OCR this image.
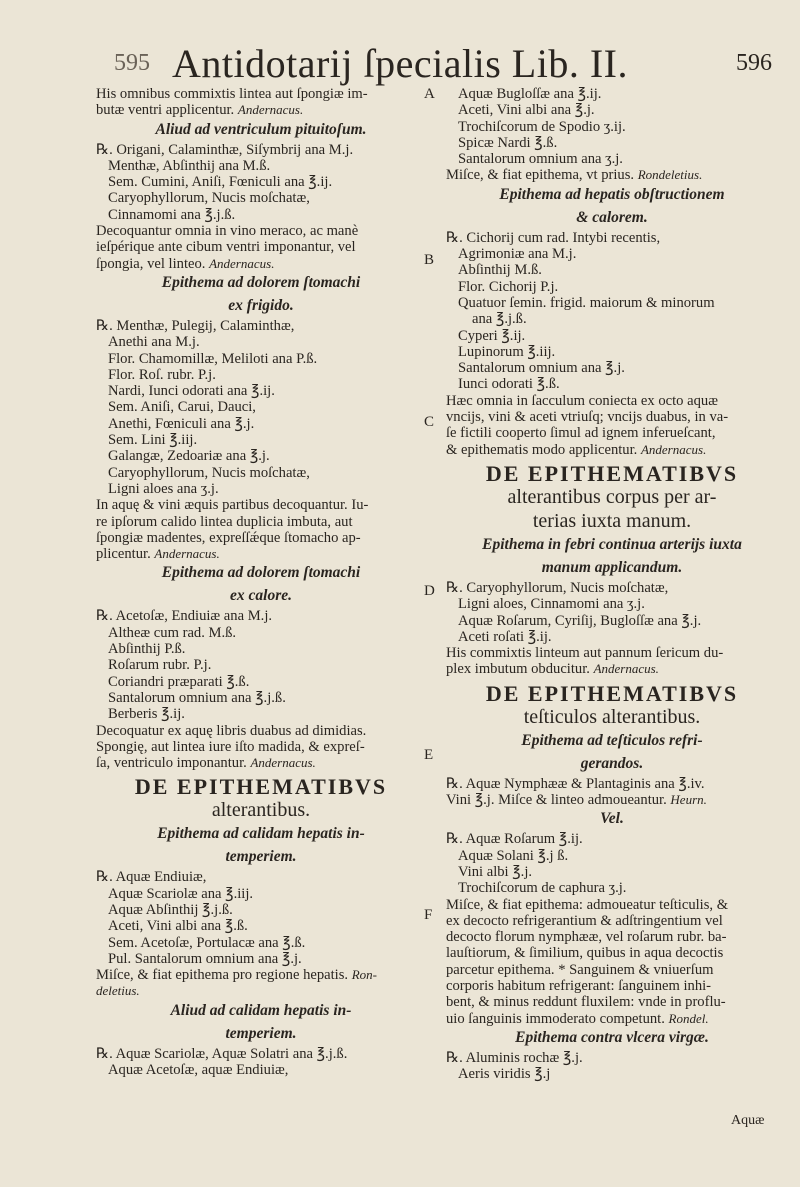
595 Antidotarij ſpecialis Lib. II.	596
His omnibus commixtis lintea aut ſpongiæ im-
butæ ventri applicentur. Andernacus.
Aliud ad ventriculum pituitoſum.
℞. Origani, Calaminthæ, Siſymbrij ana M.j.
Menthæ, Abſinthij ana M.ß.
Sem. Cumini, Aniſi, Fœniculi ana ℥.ij.
Caryophyllorum, Nucis moſchatæ,
Cinnamomi ana ℥.j.ß.
Decoquantur omnia in vino meraco, ac manè
ieſpérique ante cibum ventri imponantur, vel
ſpongia, vel linteo. Andernacus.
Epithema ad dolorem ſtomachi
ex frigido.
℞. Menthæ, Pulegij, Calaminthæ,
Anethi ana M.j.
Flor. Chamomillæ, Meliloti ana P.ß.
Flor. Roſ. rubr. P.j.
Nardi, Iunci odorati ana ℥.ij.
Sem. Aniſi, Carui, Dauci,
Anethi, Fœniculi ana ℥.j.
Sem. Lini ℥.iij.
Galangæ, Zedoariæ ana ℥.j.
Caryophyllorum, Nucis moſchatæ,
Ligni aloes ana ʒ.j.
In aquę & vini æquis partibus decoquantur. Iu-
re ipſorum calido lintea duplicia imbuta, aut
ſpongiæ madentes, expreſſǽque ſtomacho ap-
plicentur. Andernacus.
Epithema ad dolorem ſtomachi
ex calore.
℞. Acetoſæ, Endiuiæ ana M.j.
Altheæ cum rad. M.ß.
Abſinthij P.ß.
Roſarum rubr. P.j.
Coriandri præparati ℥.ß.
Santalorum omnium ana ℥.j.ß.
Berberis ℥.ij.
Decoquatur ex aquę libris duabus ad dimidias.
Spongię, aut lintea iure iſto madida, & expreſ-
ſa, ventriculo imponantur. Andernacus.
DE EPITHEMATIBVS
alterantibus.
Epithema ad calidam hepatis in-
temperiem.
℞. Aquæ Endiuiæ,
Aquæ Scariolæ ana ℥.iij.
Aquæ Abſinthij ℥.j.ß.
Aceti, Vini albi ana ℥.ß.
Sem. Acetoſæ, Portulacæ ana ℥.ß.
Pul. Santalorum omnium ana ℥.j.
Miſce, & fiat epithema pro regione hepatis. Ron-
deletius.
Aliud ad calidam hepatis in-
temperiem.
℞. Aquæ Scariolæ, Aquæ Solatri ana ℥.j.ß.
Aquæ Acetoſæ, aquæ Endiuiæ,
Aquæ Bugloſſæ ana ℥.ij.
Aceti, Vini albi ana ℥.j.
Trochiſcorum de Spodio ʒ.ij.
Spicæ Nardi ℥.ß.
Santalorum omnium ana ʒ.j.
Miſce, & fiat epithema, vt prius. Rondeletius.
Epithema ad hepatis obſtructionem
& calorem.
℞. Cichorij cum rad. Intybi recentis,
Agrimoniæ ana M.j.
Abſinthij M.ß.
Flor. Cichorij P.j.
Quatuor ſemin. frigid. maiorum & minorum
ana ℥.j.ß.
Cyperi ℥.ij.
Lupinorum ℥.iij.
Santalorum omnium ana ℥.j.
Iunci odorati ℥.ß.
Hæc omnia in ſacculum coniecta ex octo aquæ
vncijs, vini & aceti vtriuſq; vncijs duabus, in va-
ſe fictili cooperto ſimul ad ignem inferueſcant,
& epithematis modo applicentur. Andernacus.
DE EPITHEMATIBVS
alterantibus corpus per ar-
terias iuxta manum.
Epithema in febri continua arterijs iuxta
manum applicandum.
℞. Caryophyllorum, Nucis moſchatæ,
Ligni aloes, Cinnamomi ana ʒ.j.
Aquæ Roſarum, Cyriſij, Bugloſſæ ana ℥.j.
Aceti roſati ℥.ij.
His commixtis linteum aut pannum ſericum du-
plex imbutum obducitur. Andernacus.
DE EPITHEMATIBVS
teſticulos alterantibus.
Epithema ad teſticulos refri-
gerandos.
℞. Aquæ Nymphææ & Plantaginis ana ℥.iv.
Vini ℥.j. Miſce & linteo admoueantur. Heurn.
Vel.
℞. Aquæ Roſarum ℥.ij.
Aquæ Solani ℥.j ß.
Vini albi ℥.j.
Trochiſcorum de caphura ʒ.j.
Miſce, & fiat epithema: admoueatur teſticulis, &
ex decocto refrigerantium & adſtringentium vel
decocto florum nymphææ, vel roſarum rubr. ba-
lauſtiorum, & ſimilium, quibus in aqua decoctis
parcetur epithema. * Sanguinem & vniuerſum
corporis habitum refrigerant: ſanguinem inhi-
bent, & minus reddunt fluxilem: vnde in proflu-
uio ſanguinis immoderato competunt. Rondel.
Epithema contra vlcera virgæ.
℞. Aluminis rochæ ℥.j.
Aeris viridis ℥.j
A
B
C
D
E
F
Aquæ
